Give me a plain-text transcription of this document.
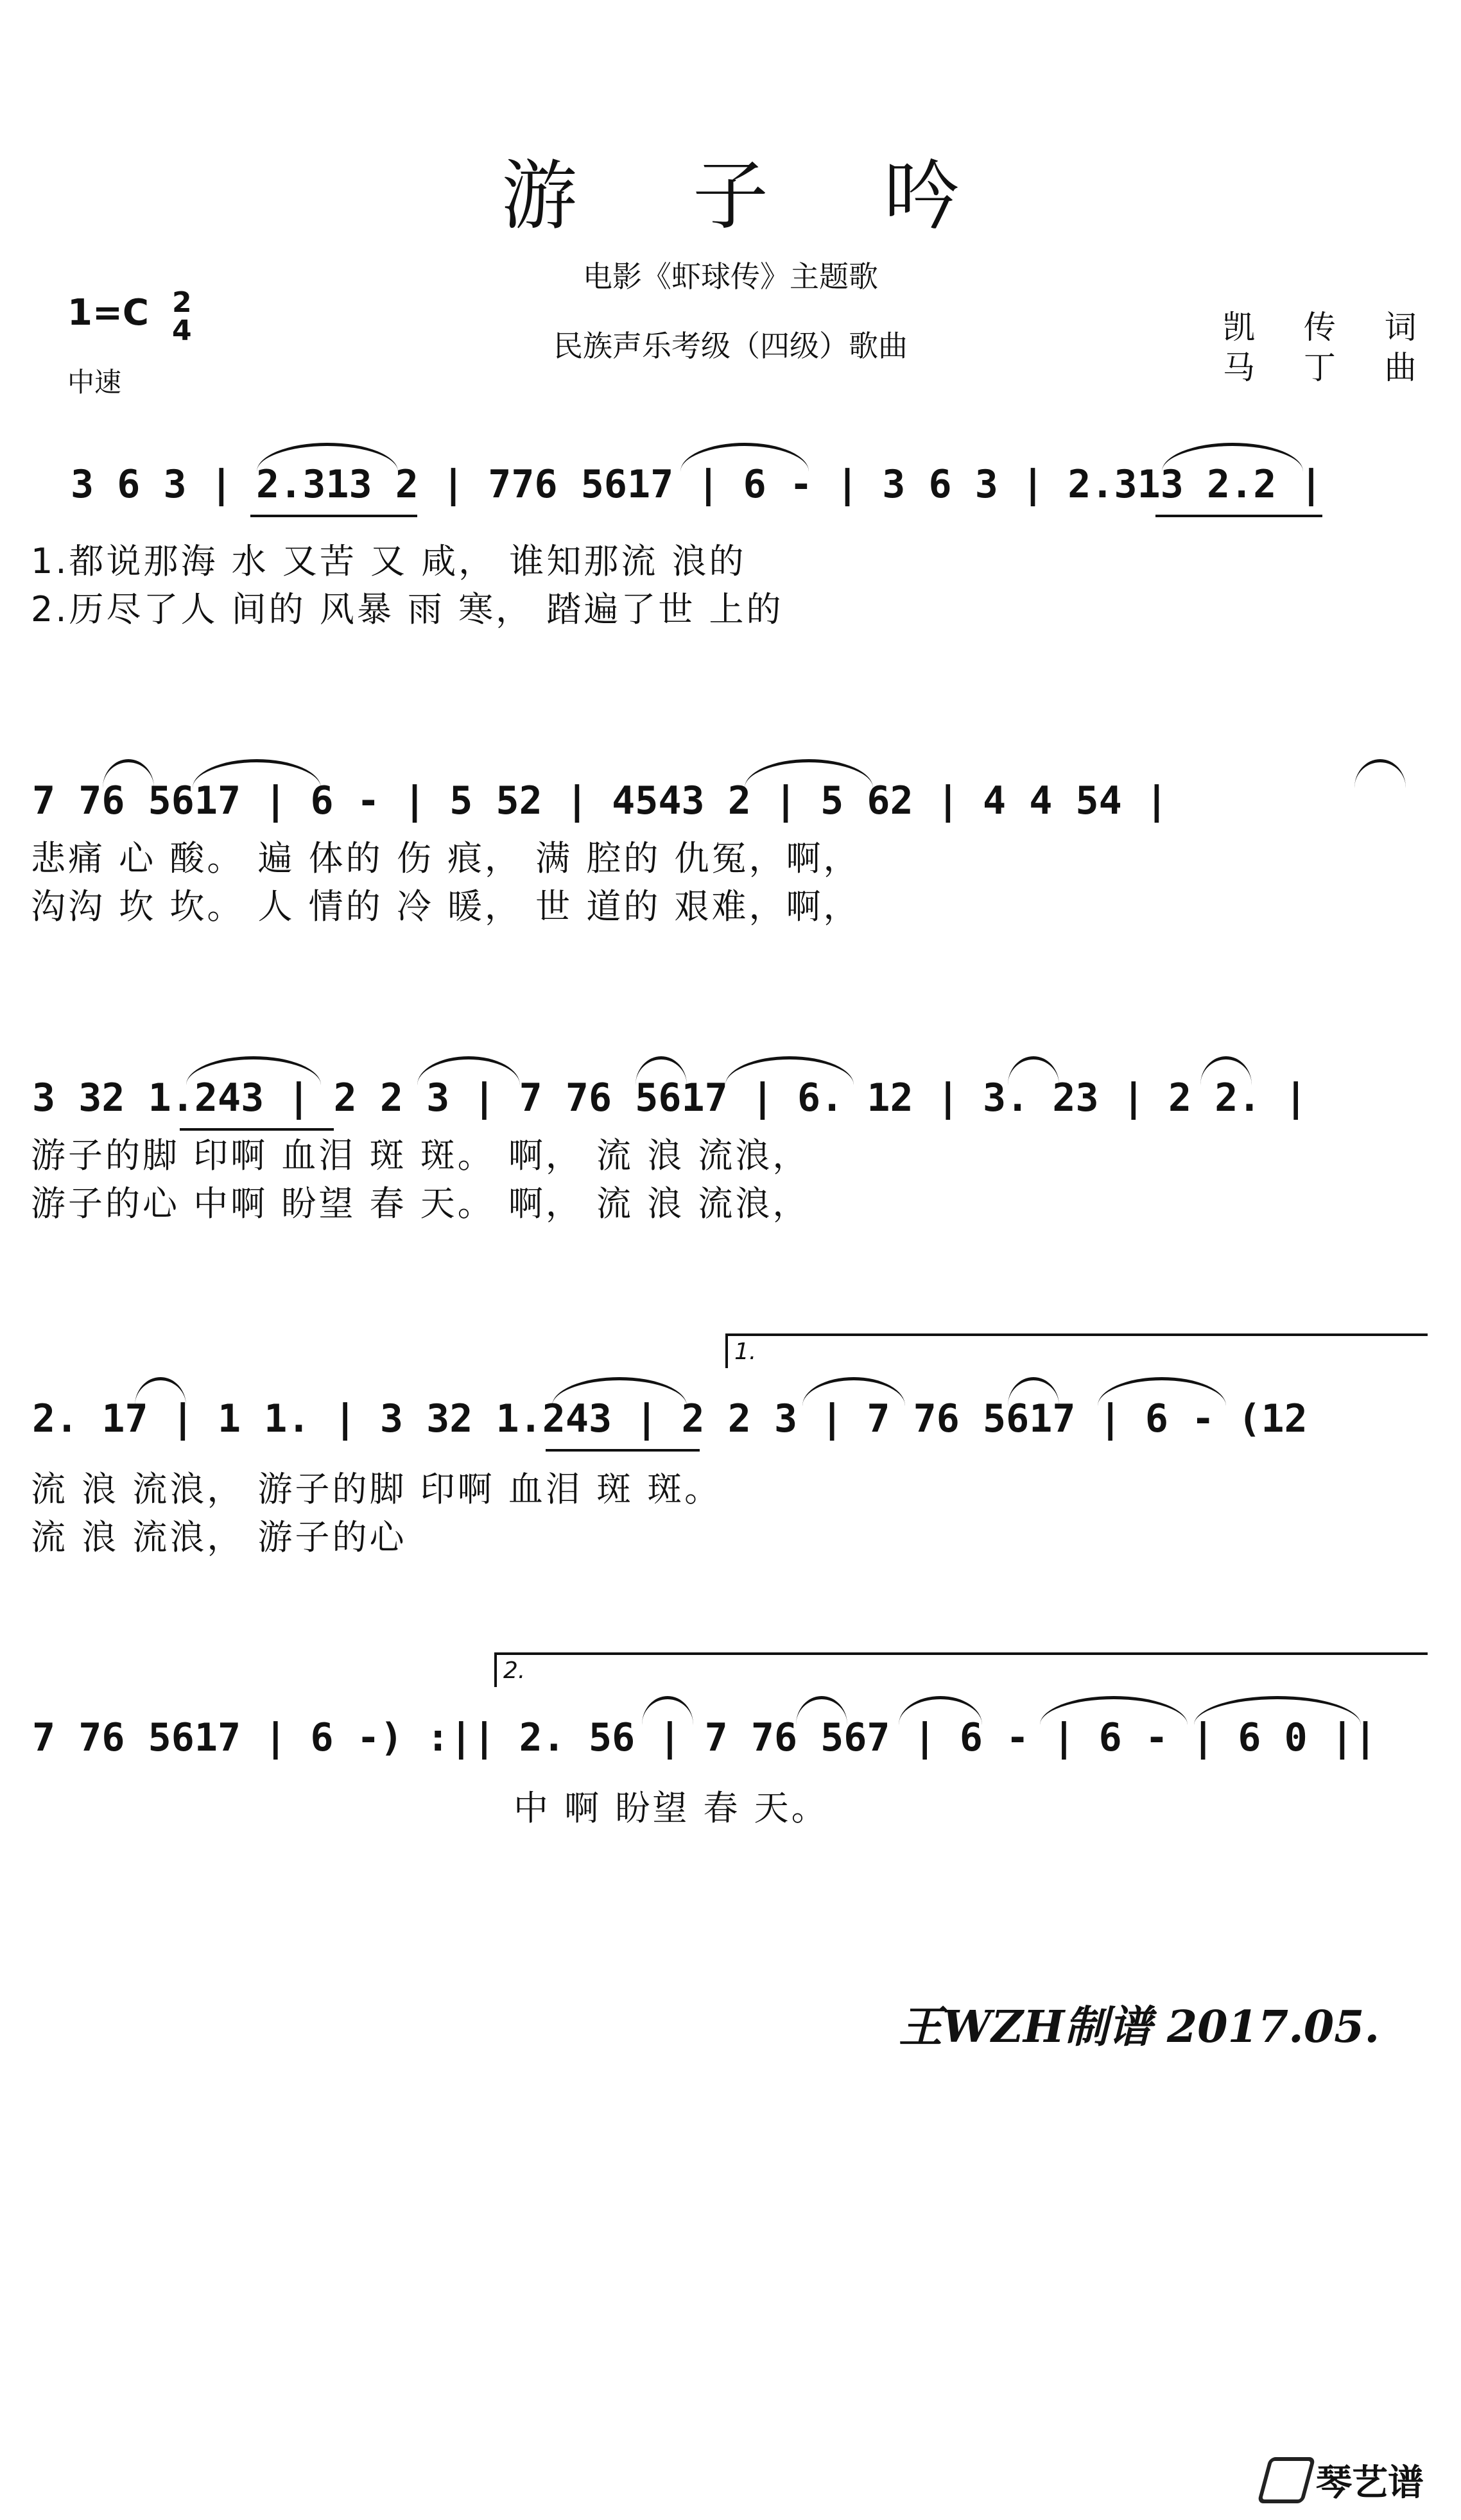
游子吟
电影《虾球传》主题歌
民族声乐考级（四级）歌曲
1=C 2
4
中速
凯 传 词
马 丁 曲
3 6 3 | 2.313 2 | 776 5617 | 6 - | 3 6 3 | 2.313 2.2 |
1.都说那海 水 又苦 又 咸， 谁知那流 浪的
2.历尽了人 间的 风暴 雨 寒， 踏遍了世 上的
7 76 5617 | 6 - | 5 52 | 4543 2 | 5 62 | 4 4 54 |
悲痛 心 酸。 遍 体的 伤 痕， 满 腔的 仇冤，啊，
沟沟 坎 坎。 人 情的 冷 暖， 世 道的 艰难，啊，
3 32 1.243 | 2 2 3 | 7 76 5617 | 6. 12 | 3. 23 | 2 2. |
游子的脚 印啊 血泪 斑 斑。 啊， 流 浪 流浪，
游子的心 中啊 盼望 春 天。 啊， 流 浪 流浪，
1.
2. 17 | 1 1. | 3 32 1.243 | 2 2 3 | 7 76 5617 | 6 - (12
流 浪 流浪， 游子的脚 印啊 血泪 斑 斑。
流 浪 流浪， 游子的心
2.
7 76 5617 | 6 -) :|| 2. 56 | 7 76 567 | 6 - | 6 - | 6 0 ||
中 啊 盼望 春 天。
王WZH制谱 2017.05.
琴艺谱
